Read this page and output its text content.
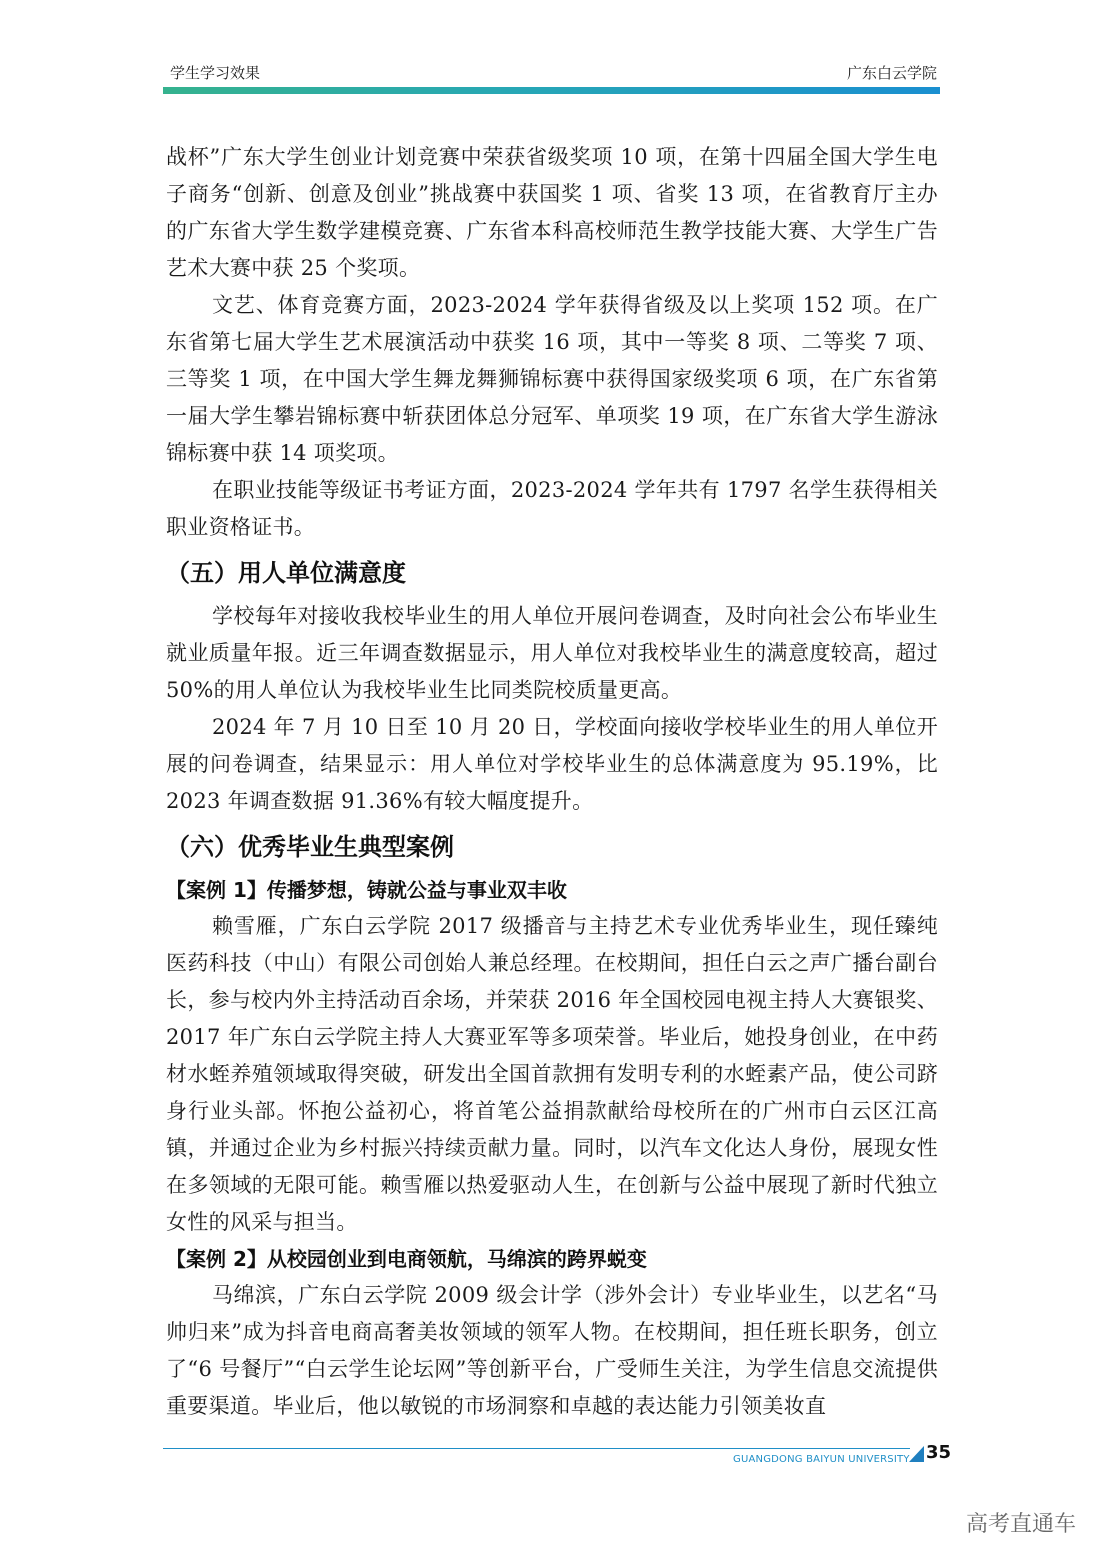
学生学习效果	广东白云学院

战杯”广东大学生创业计划竞赛中荣获省级奖项 10 项，在第十四届全国大学生电子商务“创新、创意及创业”挑战赛中获国奖 1 项、省奖 13 项，在省教育厅主办的广东省大学生数学建模竞赛、广东省本科高校师范生教学技能大赛、大学生广告艺术大赛中获 25 个奖项。

文艺、体育竞赛方面，2023-2024 学年获得省级及以上奖项 152 项。在广东省第七届大学生艺术展演活动中获奖 16 项，其中一等奖 8 项、二等奖 7 项、三等奖 1 项，在中国大学生舞龙舞狮锦标赛中获得国家级奖项 6 项，在广东省第一届大学生攀岩锦标赛中斩获团体总分冠军、单项奖 19 项，在广东省大学生游泳锦标赛中获 14 项奖项。

在职业技能等级证书考证方面，2023-2024 学年共有 1797 名学生获得相关职业资格证书。

（五）用人单位满意度

学校每年对接收我校毕业生的用人单位开展问卷调查，及时向社会公布毕业生就业质量年报。近三年调查数据显示，用人单位对我校毕业生的满意度较高，超过 50%的用人单位认为我校毕业生比同类院校质量更高。

2024 年 7 月 10 日至 10 月 20 日，学校面向接收学校毕业生的用人单位开展的问卷调查，结果显示：用人单位对学校毕业生的总体满意度为 95.19%，比 2023 年调查数据 91.36%有较大幅度提升。

（六）优秀毕业生典型案例

【案例 1】传播梦想，铸就公益与事业双丰收

赖雪雁，广东白云学院 2017 级播音与主持艺术专业优秀毕业生，现任臻纯医药科技（中山）有限公司创始人兼总经理。在校期间，担任白云之声广播台副台长，参与校内外主持活动百余场，并荣获 2016 年全国校园电视主持人大赛银奖、2017 年广东白云学院主持人大赛亚军等多项荣誉。毕业后，她投身创业，在中药材水蛭养殖领域取得突破，研发出全国首款拥有发明专利的水蛭素产品，使公司跻身行业头部。怀抱公益初心，将首笔公益捐款献给母校所在的广州市白云区江高镇，并通过企业为乡村振兴持续贡献力量。同时，以汽车文化达人身份，展现女性在多领域的无限可能。赖雪雁以热爱驱动人生，在创新与公益中展现了新时代独立女性的风采与担当。

【案例 2】从校园创业到电商领航，马绵滨的跨界蜕变

马绵滨，广东白云学院 2009 级会计学（涉外会计）专业毕业生，以艺名“马帅归来”成为抖音电商高奢美妆领域的领军人物。在校期间，担任班长职务，创立了“6 号餐厅”“白云学生论坛网”等创新平台，广受师生关注，为学生信息交流提供重要渠道。毕业后，他以敏锐的市场洞察和卓越的表达能力引领美妆直

GUANGDONG BAIYUN UNIVERSITY 35
高考直通车
